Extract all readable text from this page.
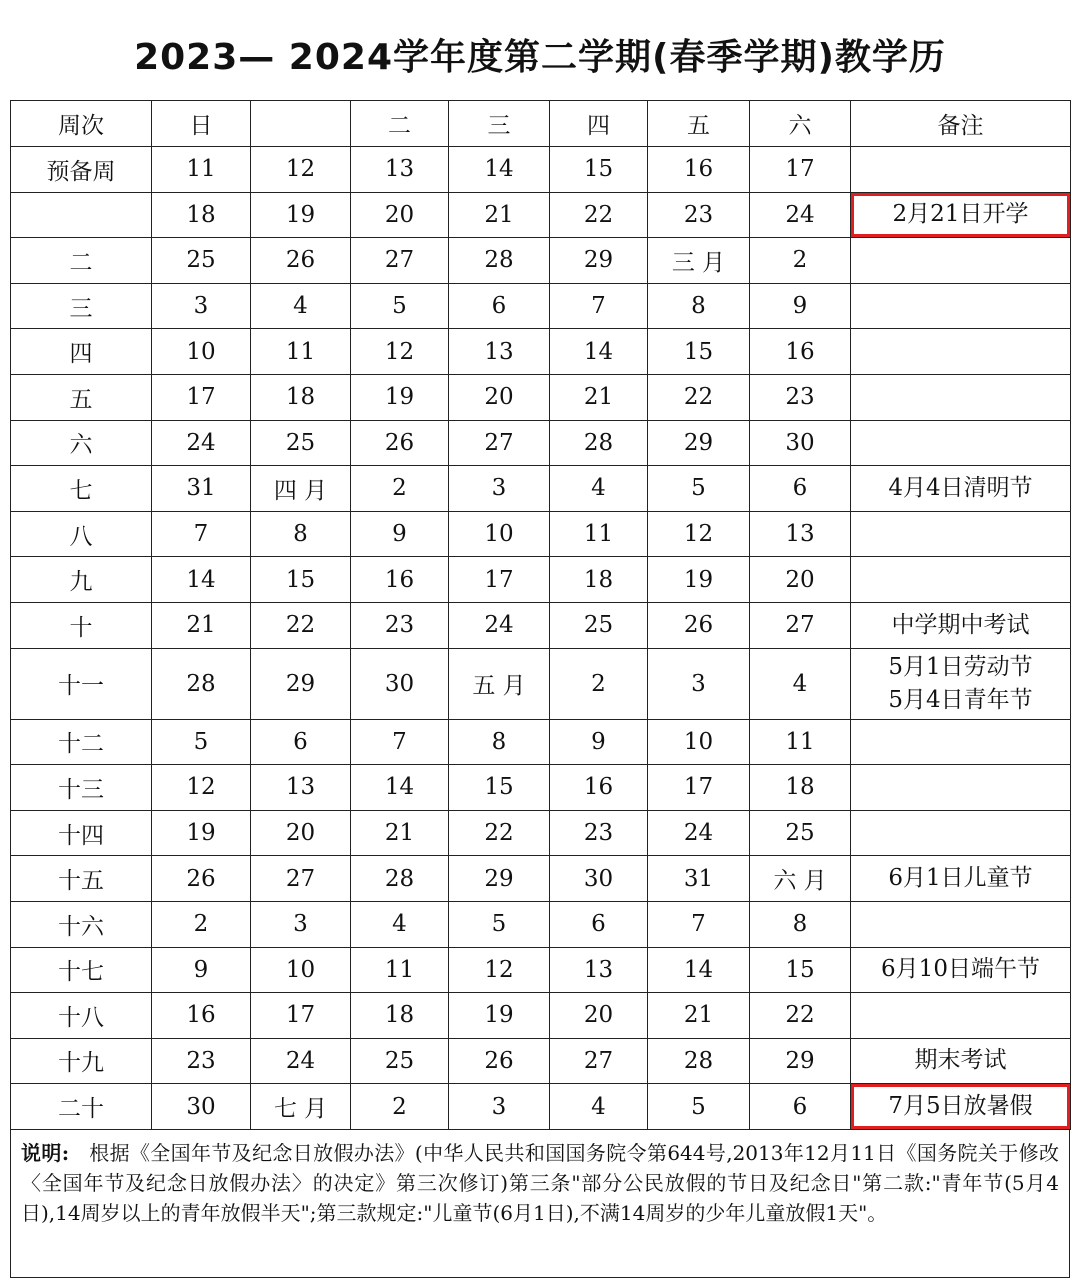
2023— 2024学年度第二学期(春季学期)教学历
周次	日		二	三	四	五	六	备注
预备周	11	12	13	14	15	16	17	

	18	19	20	21	22	23	24	2月21日开学

二	25	26	27	28	29	三 月	2	

三	3	4	5	6	7	8	9	

四	10	11	12	13	14	15	16	

五	17	18	19	20	21	22	23	

六	24	25	26	27	28	29	30	

七	31	四 月	2	3	4	5	6	4月4日清明节

八	7	8	9	10	11	12	13	

九	14	15	16	17	18	19	20	

十	21	22	23	24	25	26	27	中学期中考试

十一	28	29	30	五 月	2	3	4	5月1日劳动节
5月4日青年节

十二	5	6	7	8	9	10	11	

十三	12	13	14	15	16	17	18	

十四	19	20	21	22	23	24	25	

十五	26	27	28	29	30	31	六 月	6月1日儿童节

十六	2	3	4	5	6	7	8	

十七	9	10	11	12	13	14	15	6月10日端午节

十八	16	17	18	19	20	21	22	

十九	23	24	25	26	27	28	29	期末考试

二十	30	七 月	2	3	4	5	6	7月5日放暑假

说明: 根据《全国年节及纪念日放假办法》(中华人民共和国国务院令第644号,2013年12月11日《国务院关于修改〈全国年节及纪念日放假办法〉的决定》第三次修订)第三条"部分公民放假的节日及纪念日"第二款:"青年节(5月4日),14周岁以上的青年放假半天";第三款规定:"儿童节(6月1日),不满14周岁的少年儿童放假1天"。
